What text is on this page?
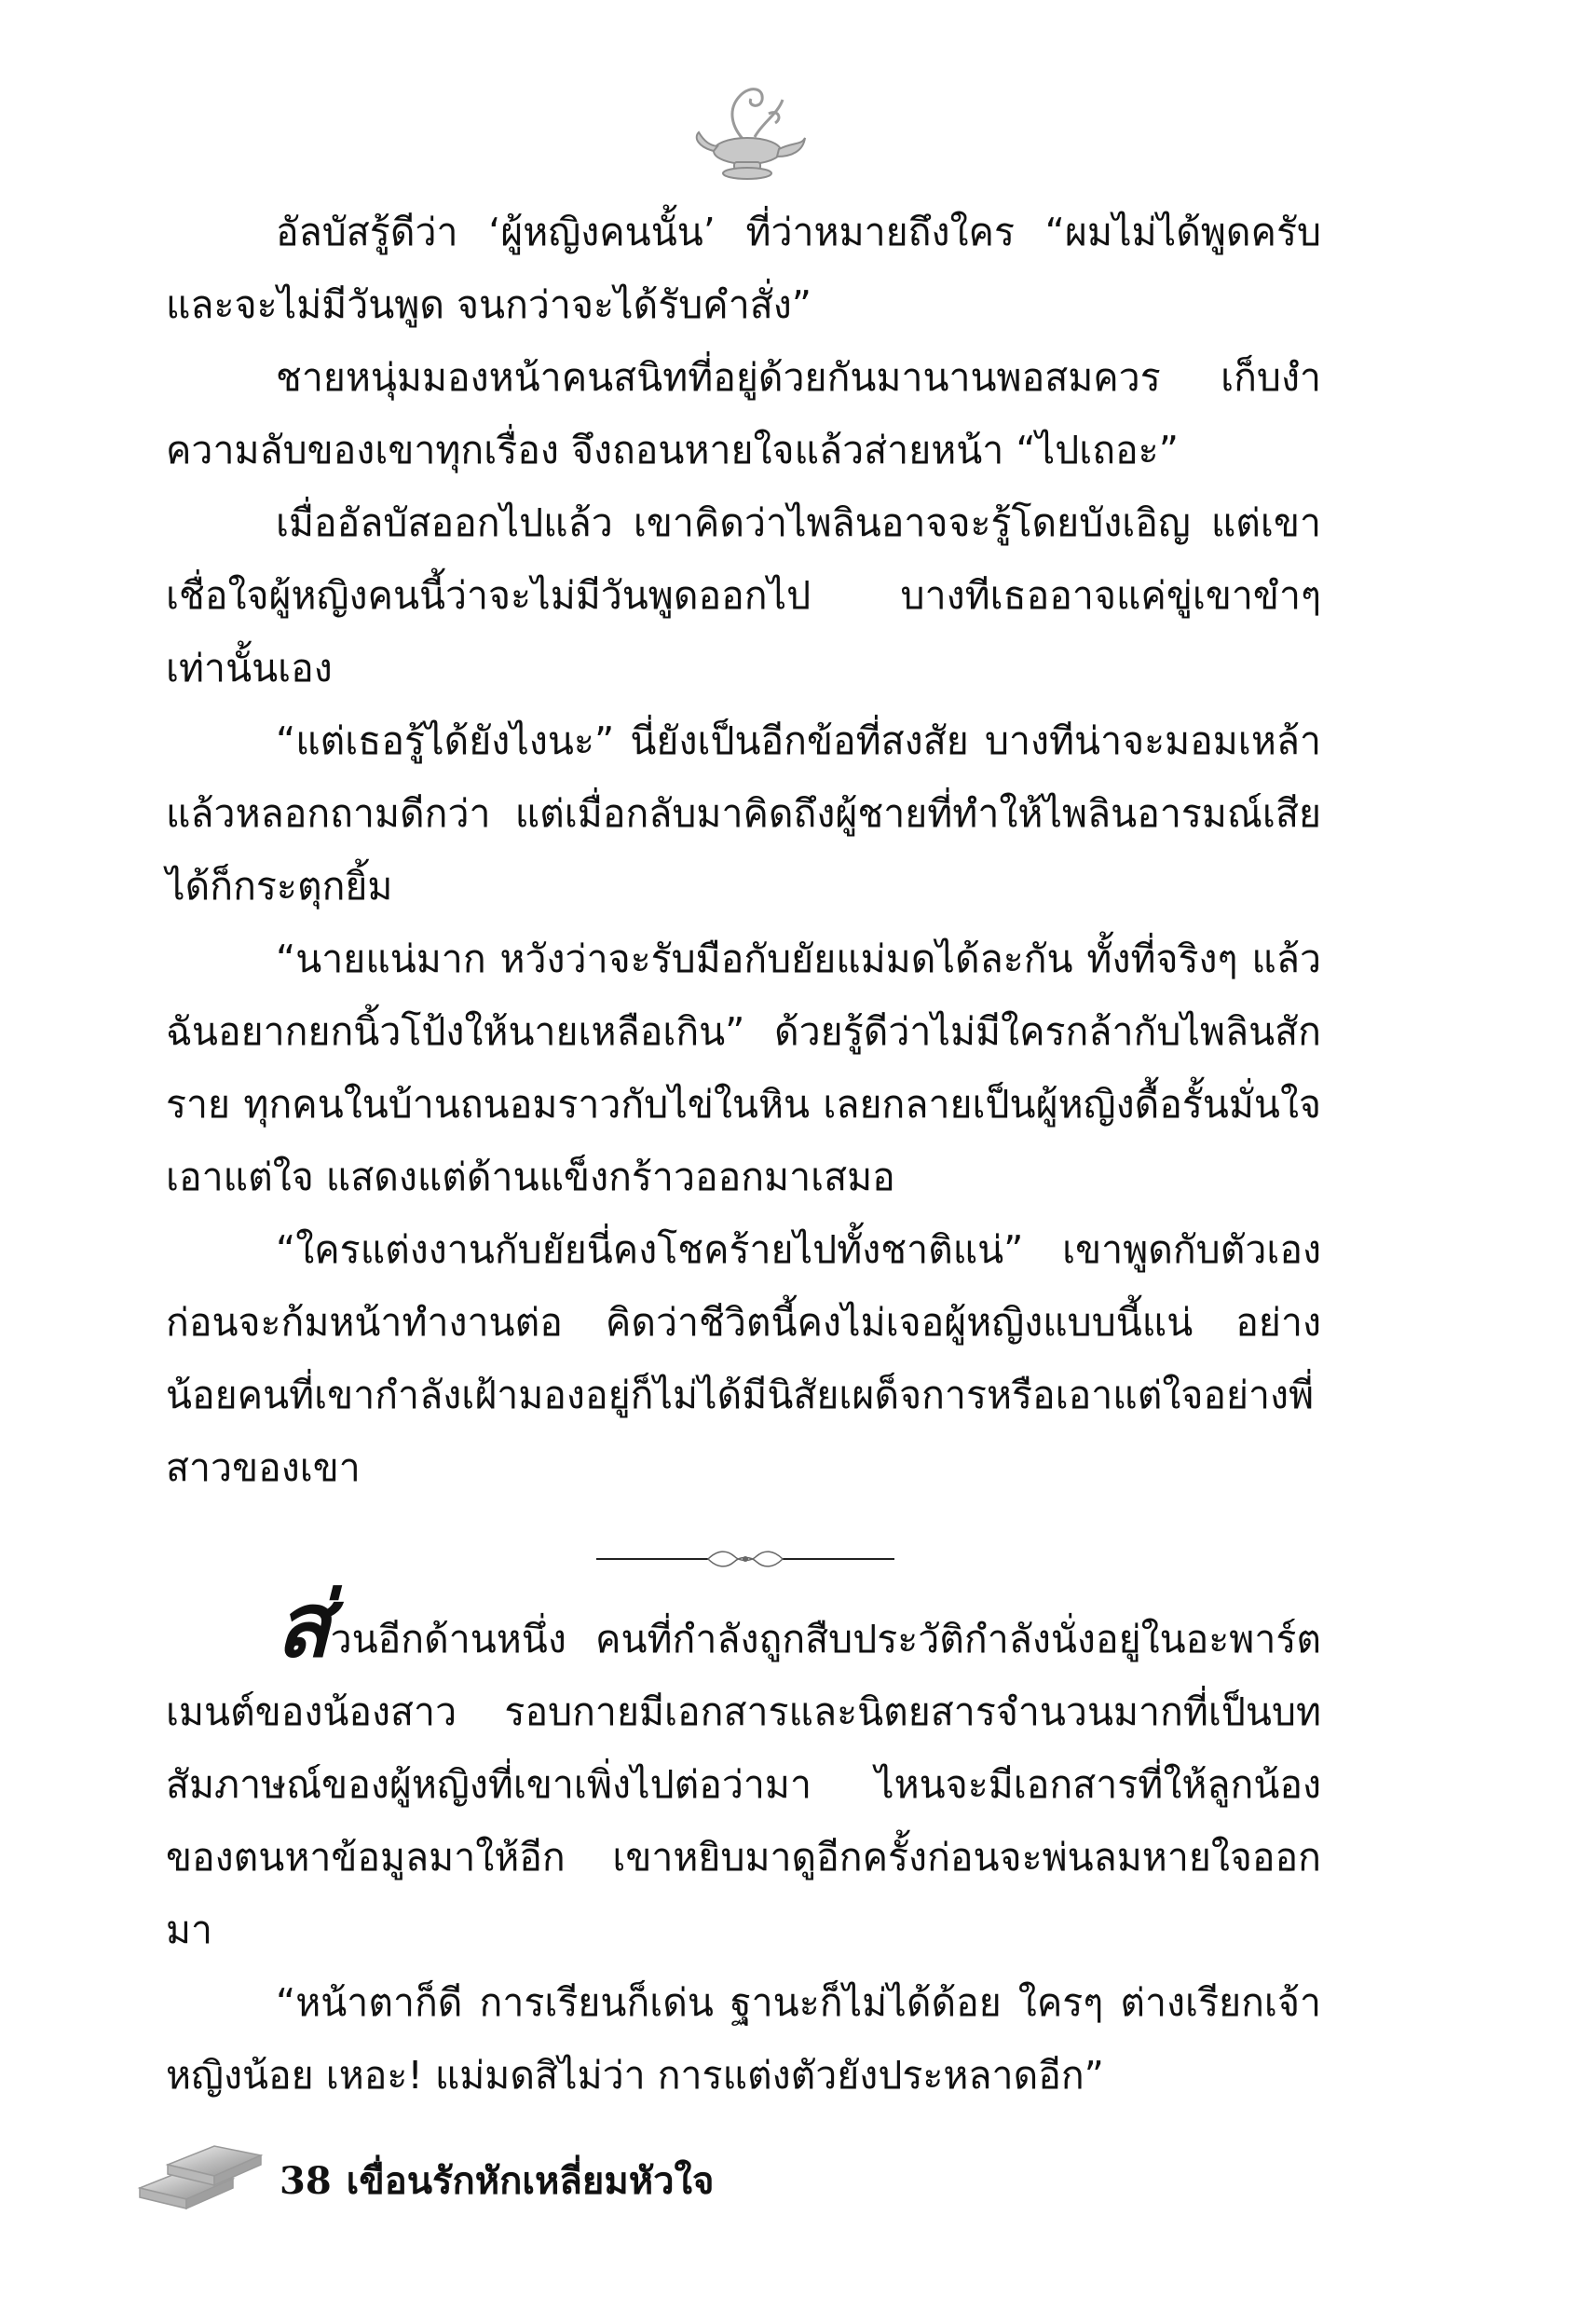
อัลบัสรู้ดีว่า ‘ผู้หญิงคนนั้น’ ที่ว่าหมายถึงใคร “ผมไม่ได้พูดครับ และจะไม่มีวันพูด จนกว่าจะได้รับคำสั่ง”

ชายหนุ่มมองหน้าคนสนิทที่อยู่ด้วยกันมานานพอสมควร เก็บงำความลับของเขาทุกเรื่อง จึงถอนหายใจแล้วส่ายหน้า “ไปเถอะ”

เมื่ออัลบัสออกไปแล้ว เขาคิดว่าไพลินอาจจะรู้โดยบังเอิญ แต่เขาเชื่อใจผู้หญิงคนนี้ว่าจะไม่มีวันพูดออกไป บางทีเธออาจแค่ขู่เขาขำๆ เท่านั้นเอง

“แต่เธอรู้ได้ยังไงนะ” นี่ยังเป็นอีกข้อที่สงสัย บางทีน่าจะมอมเหล้าแล้วหลอกถามดีกว่า แต่เมื่อกลับมาคิดถึงผู้ชายที่ทำให้ไพลินอารมณ์เสียได้ก็กระตุกยิ้ม

“นายแน่มาก หวังว่าจะรับมือกับยัยแม่มดได้ละกัน ทั้งที่จริงๆ แล้วฉันอยากยกนิ้วโป้งให้นายเหลือเกิน” ด้วยรู้ดีว่าไม่มีใครกล้ากับไพลินสักราย ทุกคนในบ้านถนอมราวกับไข่ในหิน เลยกลายเป็นผู้หญิงดื้อรั้นมั่นใจ เอาแต่ใจ แสดงแต่ด้านแข็งกร้าวออกมาเสมอ

“ใครแต่งงานกับยัยนี่คงโชคร้ายไปทั้งชาติแน่” เขาพูดกับตัวเองก่อนจะก้มหน้าทำงานต่อ คิดว่าชีวิตนี้คงไม่เจอผู้หญิงแบบนี้แน่ อย่างน้อยคนที่เขากำลังเฝ้ามองอยู่ก็ไม่ได้มีนิสัยเผด็จการหรือเอาแต่ใจอย่างพี่สาวของเขา

ส่วนอีกด้านหนึ่ง คนที่กำลังถูกสืบประวัติกำลังนั่งอยู่ในอะพาร์ตเมนต์ของน้องสาว รอบกายมีเอกสารและนิตยสารจำนวนมากที่เป็นบทสัมภาษณ์ของผู้หญิงที่เขาเพิ่งไปต่อว่ามา ไหนจะมีเอกสารที่ให้ลูกน้องของตนหาข้อมูลมาให้อีก เขาหยิบมาดูอีกครั้งก่อนจะพ่นลมหายใจออกมา

“หน้าตาก็ดี การเรียนก็เด่น ฐานะก็ไม่ได้ด้อย ใครๆ ต่างเรียกเจ้าหญิงน้อย เหอะ! แม่มดสิไม่ว่า การแต่งตัวยังประหลาดอีก”

38 เขื่อนรักหักเหลี่ยมหัวใจ
